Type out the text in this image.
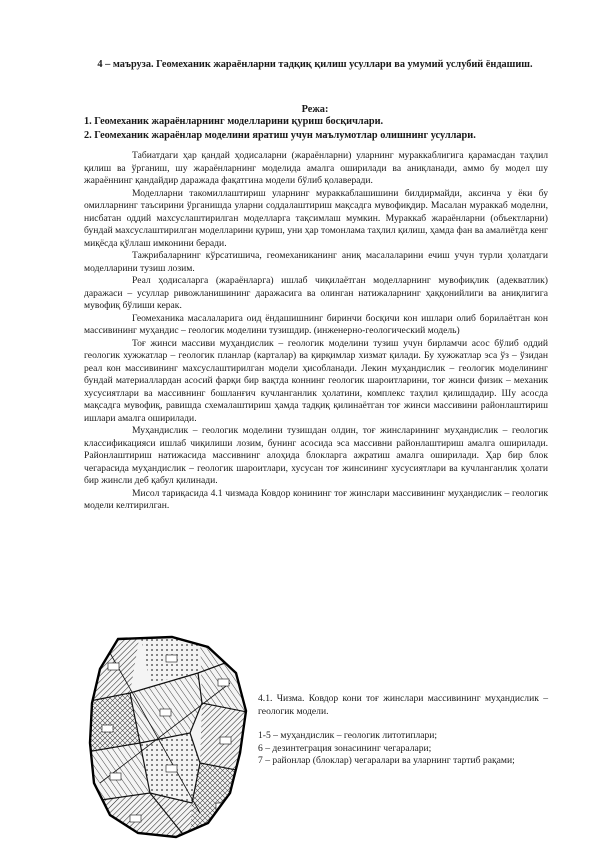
4 – маъруза. Геомеханик жараёнларни тадқиқ қилиш усуллари ва умумий услубий ёндашиш.
Режа:
1. Геомеханик жараёнларнинг моделларини қуриш босқичлари.
2. Геомеханик жараёнлар моделини яратиш учун маълумотлар олишнинг усуллари.

Табиатдаги ҳар қандай ҳодисаларни (жараёнларни) уларнинг мураккаблигига қарамасдан таҳлил қилиш ва ўрганиш, шу жараёнларнинг моделида амалга оширилади ва аниқланади, аммо бу модел шу жараённинг қандайдир даражада фақатгина модели бўлиб қолаверади.

Моделларни такомиллаштириш уларнинг мураккаблашишини билдирмайди, аксинча у ёки бу омилларнинг таъсирини ўрганишда уларни соддалаштириш мақсадга мувофиқдир. Масалан мураккаб моделни, нисбатан оддий махсуслаштирилган моделларга тақсимлаш мумкин. Мураккаб жараёнларни (объектларни) бундай махсуслаштирилган моделларини қуриш, уни ҳар томонлама таҳлил қилиш, ҳамда фан ва амалиётда кенг миқёсда қўллаш имконини беради.

Тажрибаларнинг кўрсатишича, геомеханиканинг аниқ масалаларини ечиш учун турли ҳолатдаги моделларини тузиш лозим.

Реал ҳодисаларга (жараёнларга) ишлаб чиқилаётган моделларнинг мувофиқлик (адекватлик) даражаси – усуллар ривожланишининг даражасига ва олинган натижаларнинг ҳаққонийлиги ва аниқлигига мувофиқ бўлиши керак.

Геомеханика масалаларига оид ёндашишнинг биринчи босқичи кон ишлари олиб борилаётган кон массивининг муҳандис – геологик моделини тузишдир. (инженерно-геологический модель)

Тоғ жинси массиви муҳандислик – геологик моделини тузиш учун бирламчи асос бўлиб оддий геологик хужжатлар – геологик планлар (карталар) ва қирқимлар хизмат қилади. Бу хужжатлар эса ўз – ўзидан реал кон массивининг махсуслаштирилган модели ҳисобланади. Лекин муҳандислик – геологик моделининг бундай материаллардан асосий фарқи бир вақтда коннинг геологик шароитларини, тоғ жинси физик – механик хусусиятлари ва массивнинг бошланғич кучланганлик ҳолатини, комплекс таҳлил қилишдадир. Шу асосда мақсадга мувофиқ, равишда схемалаштириш ҳамда тадқиқ қилинаётган тоғ жинси массивини районлаштириш ишлари амалга оширилади.

Муҳандислик – геологик моделини тузишдан олдин, тоғ жинсларининг муҳандислик – геологик классификацияси ишлаб чиқилиши лозим, бунинг асосида эса массивни районлаштириш амалга оширилади. Районлаштириш натижасида массивнинг алоҳида блокларга ажратиш амалга оширилади. Ҳар бир блок чегарасида муҳандислик – геологик шароитлари, хусусан тоғ жинсининг хусусиятлари ва кучланганлик ҳолати бир жинсли деб қабул қилинади.

Мисол тариқасида 4.1 чизмада Ковдор конининг тоғ жинслари массивининг муҳандислик – геологик модели келтирилган.

4.1. Чизма. Ковдор кони тоғ жинслари массивининг муҳандислик – геологик модели.

1-5 – муҳандислик – геологик литотиплари;

6 – дезинтеграция зонасининг чегаралари;

7 – районлар (блоклар) чегаралари ва уларнинг тартиб рақами;
